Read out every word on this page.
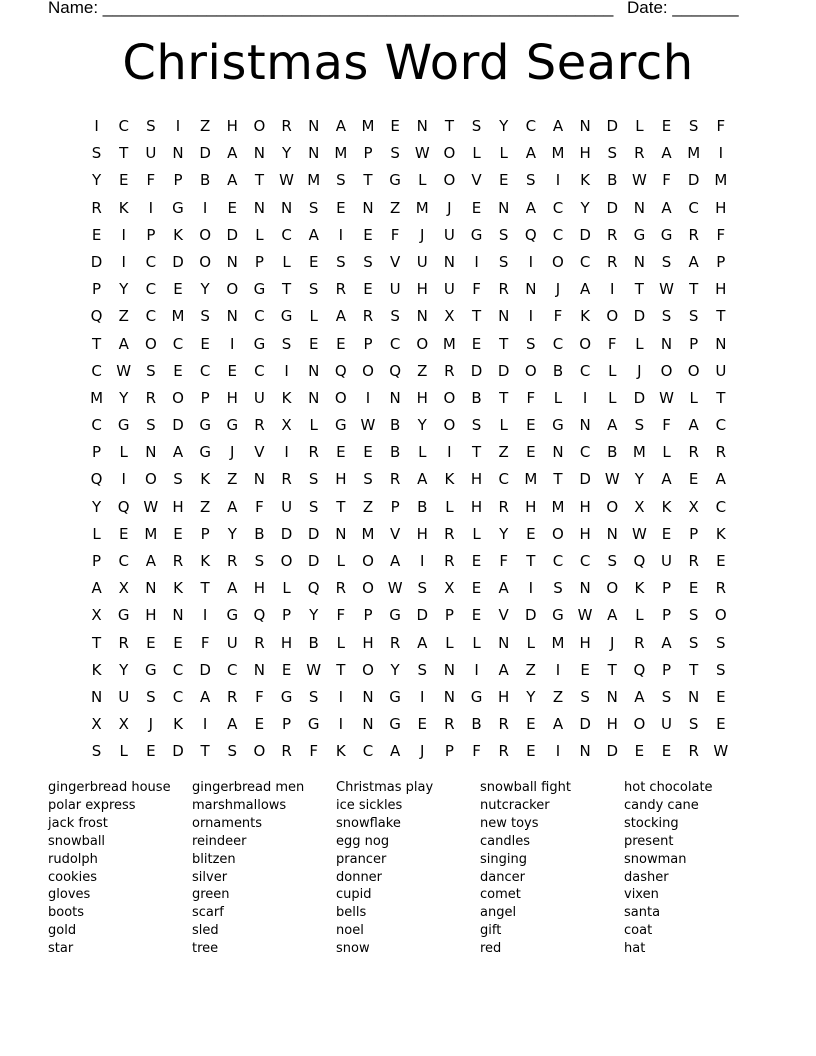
Name: ______________________________________________________ Date: _______
Christmas Word Search
I	C	S	I	Z	H	O	R	N	A	M	E	N	T	S	Y	C	A	N	D	L	E	S	F
S	T	U	N	D	A	N	Y	N	M	P	S W O	L	L	A	M	H	S	R	A	M	I
Y	E	F	P	B	A	T	W M	S	T	G	L	O	V	E	S	I	K	B W	F	D M
R	K	I	G	I	E	N	N	S	E	N	Z	M	J	E	N	A	C	Y	D	N	A	C	H
E	I	P	K	O	D	L	C	A	I	E	F	J	U	G	S	Q	C	D	R	G	G	R	F
D	I	C	D	O	N	P	L	E	S	S	V	U	N	I	S	I	O	C	R	N	S	A	P
P	Y	C	E	Y	O	G	T	S	R	E	U	H	U	F	R	N	J	A	I	T	W	T	H
Q	Z	C	M	S	N	C	G	L	A	R	S	N	X	T	N	I	F	K	O	D	S	S	T
T	A	O	C	E	I	G	S	E	E	P	C	O M	E	T	S	C	O	F	L	N	P	N
C W S	E	C	E	C	I	N	Q	O	Q	Z	R	D	D	O	B	C	L	J	O	O	U
M	Y	R	O	P	H	U	K	N	O	I	N	H	O	B	T	F	L	I	L	D W	L	T
C	G	S	D	G	G	R	X	L	G W B	Y	O	S	L	E	G	N	A	S	F	A	C
P	L	N	A	G	J	V	I	R	E	E	B	L	I	T	Z	E	N	C	B	M	L	R	R
Q	I	O	S	K	Z	N	R	S	H	S	R	A	K	H	C	M	T	D W	Y	A	E	A
Y	Q W H	Z	A	F	U	S	T	Z	P	B	L	H	R	H	M	H	O	X	K	X	C
L	E	M	E	P	Y	B	D	D	N	M	V	H	R	L	Y	E	O	H	N W E	P	K
P	C	A	R	K	R	S	O	D	L	O	A	I	R	E	F	T	C	C	S	Q	U	R	E
A	X	N	K	T	A	H	L	Q	R	O W S	X	E	A	I	S	N	O	K	P	E	R
X	G	H	N	I	G	Q	P	Y	F	P	G	D	P	E	V	D	G W A	L	P	S	O
T	R	E	E	F	U	R	H	B	L	H	R	A	L	L	N	L	M	H	J	R	A	S	S
K	Y	G	C	D	C	N	E W	T	O	Y	S	N	I	A	Z	I	E	T	Q	P	T	S
N	U	S	C	A	R	F	G	S	I	N	G	I	N	G	H	Y	Z	S	N	A	S	N	E
X	X	J	K	I	A	E	P	G	I	N	G	E	R	B	R	E	A	D	H	O	U	S	E
S	L	E	D	T	S	O	R	F	K	C	A	J	P	F	R	E	I	N	D	E	E	R W
gingerbread house
polar express
jack frost
snowball
rudolph
cookies
gloves
boots
gold
star
gingerbread men
marshmallows
ornaments
reindeer
blitzen
silver
green
scarf
sled
tree
Christmas play
ice sickles
snowflake
egg nog
prancer
donner
cupid
bells
noel
snow
snowball fight
nutcracker
new toys
candles
singing
dancer
comet
angel
gift
red
hot chocolate
candy cane
stocking
present
snowman
dasher
vixen
santa
coat
hat
